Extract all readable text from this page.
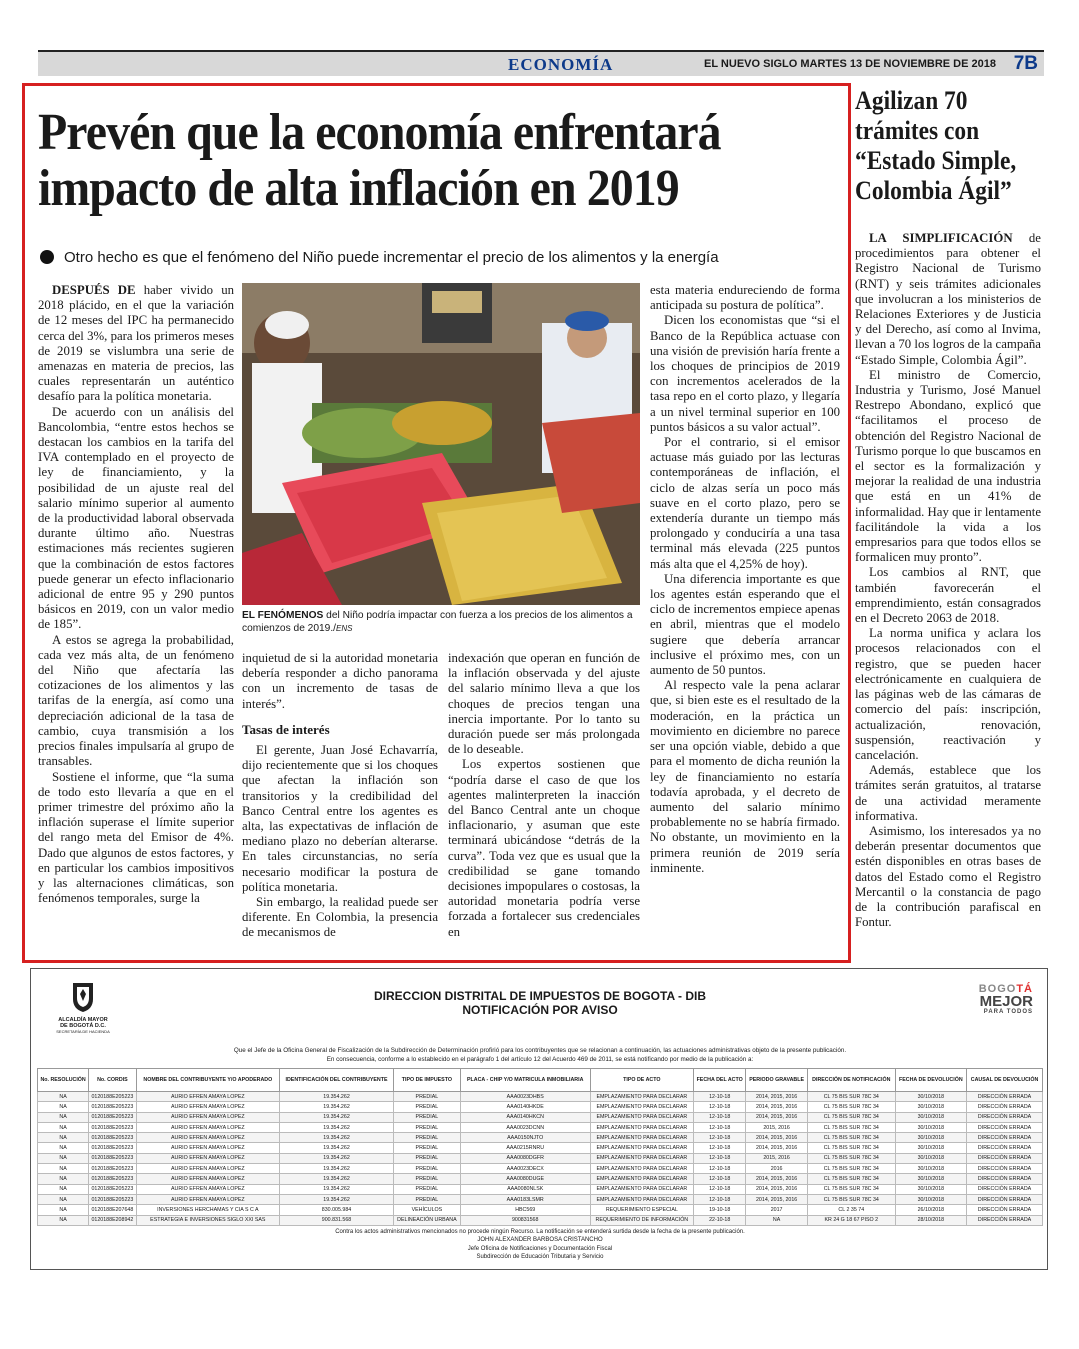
ECONOMÍA	EL NUEVO SIGLO MARTES 13 DE NOVIEMBRE DE 2018 7B
Prevén que la economía enfrentará impacto de alta inflación en 2019
Otro hecho es que el fenómeno del Niño puede incrementar el precio de los alimentos y la energía

DESPUÉS DE haber vivido un 2018 plácido, en el que la variación de 12 meses del IPC ha permanecido cerca del 3%, para los primeros meses de 2019 se vislumbra una serie de amenazas en materia de precios, las cuales representarán un auténtico desafío para la política monetaria.

De acuerdo con un análisis del Bancolombia, “entre estos hechos se destacan los cambios en la tarifa del IVA contemplado en el proyecto de ley de financiamiento, y la posibilidad de un ajuste real del salario mínimo superior al aumento de la productividad laboral observada durante último año. Nuestras estimaciones más recientes sugieren que la combinación de estos factores puede generar un efecto inflacionario adicional de entre 95 y 290 puntos básicos en 2019, con un valor medio de 185”.

A estos se agrega la probabilidad, cada vez más alta, de un fenómeno del Niño que afectaría las cotizaciones de los alimentos y las tarifas de la energía, así como una depreciación adicional de la tasa de cambio, cuya transmisión a los precios finales impulsaría al grupo de transables.

Sostiene el informe, que “la suma de todo esto llevaría a que en el primer trimestre del próximo año la inflación superase el límite superior del rango meta del Emisor de 4%. Dado que algunos de estos factores, y en particular los cambios impositivos y las alternaciones climáticas, son fenómenos temporales, surge la

EL FENÓMENOS del Niño podría impactar con fuerza a los precios de los alimentos a comienzos de 2019./ENS

inquietud de si la autoridad monetaria debería responder a dicho panorama con un incremento de tasas de interés”.

Tasas de interés

El gerente, Juan José Echavarría, dijo recientemente que si los choques que afectan la inflación son transitorios y la credibilidad del Banco Central entre los agentes es alta, las expectativas de inflación de mediano plazo no deberían alterarse. En tales circunstancias, no sería necesario modificar la postura de política monetaria.

Sin embargo, la realidad puede ser diferente. En Colombia, la presencia de mecanismos de

indexación que operan en función de la inflación observada y del ajuste del salario mínimo lleva a que los choques de precios tengan una inercia importante. Por lo tanto su duración puede ser más prolongada de lo deseable.

Los expertos sostienen que “podría darse el caso de que los agentes malinterpreten la inacción del Banco Central ante un choque inflacionario, y asuman que este terminará ubicándose “detrás de la curva”. Toda vez que es usual que la credibilidad se gane tomando decisiones impopulares o costosas, la autoridad monetaria podría verse forzada a fortalecer sus credenciales en

esta materia endureciendo de forma anticipada su postura de política”.

Dicen los economistas que “si el Banco de la República actuase con una visión de previsión haría frente a los choques de principios de 2019 con incrementos acelerados de la tasa repo en el corto plazo, y llegaría a un nivel terminal superior en 100 puntos básicos a su valor actual”.

Por el contrario, si el emisor actuase más guiado por las lecturas contemporáneas de inflación, el ciclo de alzas sería un poco más suave en el corto plazo, pero se extendería durante un tiempo más prolongado y conduciría a una tasa terminal más elevada (225 puntos más alta que el 4,25% de hoy).

Una diferencia importante es que los agentes están esperando que el ciclo de incrementos empiece apenas en abril, mientras que el modelo sugiere que debería arrancar inclusive el próximo mes, con un aumento de 50 puntos.

Al respecto vale la pena aclarar que, si bien este es el resultado de la moderación, en la práctica un movimiento en diciembre no parece ser una opción viable, debido a que para el momento de dicha reunión la ley de financiamiento no estaría todavía aprobada, y el decreto de aumento del salario mínimo probablemente no se habría firmado. No obstante, un movimiento en la primera reunión de 2019 sería inminente.

Agilizan 70 trámites con “Estado Simple, Colombia Ágil”

LA SIMPLIFICACIÓN de procedimientos para obtener el Registro Nacional de Turismo (RNT) y seis trámites adicionales que involucran a los ministerios de Relaciones Exteriores y de Justicia y del Derecho, así como al Invima, llevan a 70 los logros de la campaña “Estado Simple, Colombia Ágil”.

El ministro de Comercio, Industria y Turismo, José Manuel Restrepo Abondano, explicó que “facilitamos el proceso de obtención del Registro Nacional de Turismo porque lo que buscamos en el sector es la formalización y mejorar la realidad de una industria que está en un 41% de informalidad. Hay que ir lentamente facilitándole la vida a los empresarios para que todos ellos se formalicen muy pronto”.

Los cambios al RNT, que también favorecerán el emprendimiento, están consagrados en el Decreto 2063 de 2018.

La norma unifica y aclara los procesos relacionados con el registro, que se pueden hacer electrónicamente en cualquiera de las páginas web de las cámaras de comercio del país: inscripción, actualización, renovación, suspensión, reactivación y cancelación.

Además, establece que los trámites serán gratuitos, al tratarse de una actividad meramente informativa.

Asimismo, los interesados ya no deberán presentar documentos que estén disponibles en otras bases de datos del Estado como el Registro Mercantil o la constancia de pago de la contribución parafiscal en Fontur.

ALCALDÍA MAYOR
DE BOGOTÁ D.C.
SECRETARÍA DE HACIENDA
DIRECCION DISTRITAL DE IMPUESTOS DE BOGOTA - DIB
NOTIFICACIÓN POR AVISO
BOGOTÁ
MEJOR
PARA TODOS
Que el Jefe de la Oficina General de Fiscalización de la Subdirección de Determinación profirió para los contribuyentes que se relacionan a continuación, las actuaciones administrativas objeto de la presente publicación.
En consecuencia, conforme a lo establecido en el parágrafo 1 del artículo 12 del Acuerdo 469 de 2011, se está notificando por medio de la publicación a:
No. RESOLUCIÓN	No. CORDIS	NOMBRE DEL CONTRIBUYENTE Y/O APODERADO	IDENTIFICACIÓN DEL CONTRIBUYENTE	TIPO DE IMPUESTO	PLACA - CHIP Y/O MATRICULA INMOBILIARIA	TIPO DE ACTO	FECHA DEL ACTO	PERIODO GRAVABLE	DIRECCIÓN DE NOTIFICACIÓN	FECHA DE DEVOLUCIÓN	CAUSAL DE DEVOLUCIÓN
NA	0120188E205223	AURIO EFREN AMAYA LOPEZ	19.354.262	PREDIAL	AAA0023DHBS	EMPLAZAMIENTO PARA DECLARAR	12-10-18	2014, 2015, 2016	CL 75 BIS SUR 78C 34	30/10/2018	DIRECCIÓN ERRADA
NA	0120188E205223	AURIO EFREN AMAYA LOPEZ	19.354.262	PREDIAL	AAA0140HKDE	EMPLAZAMIENTO PARA DECLARAR	12-10-18	2014, 2015, 2016	CL 75 BIS SUR 78C 34	30/10/2018	DIRECCIÓN ERRADA
NA	0120188E205223	AURIO EFREN AMAYA LOPEZ	19.354.262	PREDIAL	AAA0140HKCN	EMPLAZAMIENTO PARA DECLARAR	12-10-18	2014, 2015, 2016	CL 75 BIS SUR 78C 34	30/10/2018	DIRECCIÓN ERRADA
NA	0120188E205223	AURIO EFREN AMAYA LOPEZ	19.354.262	PREDIAL	AAA0023DCNN	EMPLAZAMIENTO PARA DECLARAR	12-10-18	2015, 2016	CL 75 BIS SUR 78C 34	30/10/2018	DIRECCIÓN ERRADA
NA	0120188E205223	AURIO EFREN AMAYA LOPEZ	19.354.262	PREDIAL	AAA0150NJTO	EMPLAZAMIENTO PARA DECLARAR	12-10-18	2014, 2015, 2016	CL 75 BIS SUR 78C 34	30/10/2018	DIRECCIÓN ERRADA
NA	0120188E205223	AURIO EFREN AMAYA LOPEZ	19.354.262	PREDIAL	AAA0215RNRU	EMPLAZAMIENTO PARA DECLARAR	12-10-18	2014, 2015, 2016	CL 75 BIS SUR 78C 34	30/10/2018	DIRECCIÓN ERRADA
NA	0120188E205223	AURIO EFREN AMAYA LOPEZ	19.354.262	PREDIAL	AAA0080DGFR	EMPLAZAMIENTO PARA DECLARAR	12-10-18	2015, 2016	CL 75 BIS SUR 78C 34	30/10/2018	DIRECCIÓN ERRADA
NA	0120188E205223	AURIO EFREN AMAYA LOPEZ	19.354.262	PREDIAL	AAA0023DECX	EMPLAZAMIENTO PARA DECLARAR	12-10-18	2016	CL 75 BIS SUR 78C 34	30/10/2018	DIRECCIÓN ERRADA
NA	0120188E205223	AURIO EFREN AMAYA LOPEZ	19.354.262	PREDIAL	AAA0080DUGE	EMPLAZAMIENTO PARA DECLARAR	12-10-18	2014, 2015, 2016	CL 75 BIS SUR 78C 34	30/10/2018	DIRECCIÓN ERRADA
NA	0120188E205223	AURIO EFREN AMAYA LOPEZ	19.354.262	PREDIAL	AAA0080NLSK	EMPLAZAMIENTO PARA DECLARAR	12-10-18	2014, 2015, 2016	CL 75 BIS SUR 78C 34	30/10/2018	DIRECCIÓN ERRADA
NA	0120188E205223	AURIO EFREN AMAYA LOPEZ	19.354.262	PREDIAL	AAA0183LSMR	EMPLAZAMIENTO PARA DECLARAR	12-10-18	2014, 2015, 2016	CL 75 BIS SUR 78C 34	30/10/2018	DIRECCIÓN ERRADA
NA	0120188E207648	INVERSIONES HERCHAMAS Y CIA S C A	830.005.984	VEHÍCULOS	HBC569	REQUERIMIENTO ESPECIAL	19-10-18	2017	CL 2 35 74	26/10/2018	DIRECCIÓN ERRADA
NA	0120188E208942	ESTRATEGIA E INVERSIONES SIGLO XXI SAS	900.831.568	DELINEACIÓN URBANA	900831568	REQUERIMIENTO DE INFORMACIÓN	22-10-18	NA	KR 24 G 18 67 PISO 2	28/10/2018	DIRECCIÓN ERRADA
Contra los actos administrativos mencionados no procede ningún Recurso. La notificación se entenderá surtida desde la fecha de la presente publicación.
JOHN ALEXANDER BARBOSA CRISTANCHO
Jefe Oficina de Notificaciones y Documentación Fiscal
Subdirección de Educación Tributaria y Servicio
